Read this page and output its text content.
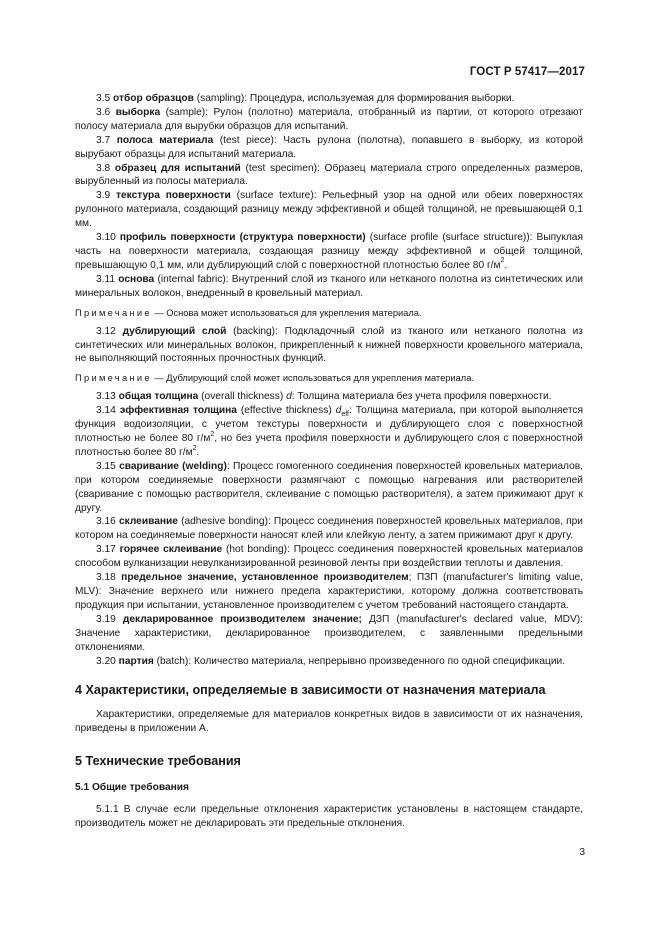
ГОСТ Р 57417—2017

3.5 отбор образцов (sampling): Процедура, используемая для формирования выборки.

3.6 выборка (sample): Рулон (полотно) материала, отобранный из партии, от которого отрезают полосу материала для вырубки образцов для испытаний.

3.7 полоса материала (test piece): Часть рулона (полотна), попавшего в выборку, из которой вырубают образцы для испытаний материала.

3.8 образец для испытаний (test specimen): Образец материала строго определенных размеров, вырубленный из полосы материала.

3.9 текстура поверхности (surface texture): Рельефный узор на одной или обеих поверхностях рулонного материала, создающий разницу между эффективной и общей толщиной, не превышающей 0,1 мм.

3.10 профиль поверхности (структура поверхности) (surface profile (surface structure)): Выпуклая часть на поверхности материала, создающая разницу между эффективной и общей толщиной, превышающую 0,1 мм, или дублирующий слой с поверхностной плотностью более 80 $г/м^2$.

3.11 основа (internal fabric): Внутренний слой из тканого или нетканого полотна из синтетических или минеральных волокон, внедренный в кровельный материал.

Примечание — Основа может использоваться для укрепления материала.

3.12 дублирующий слой (backing): Подкладочный слой из тканого или нетканого полотна из синтетических или минеральных волокон, прикрепленный к нижней поверхности кровельного материала, не выполняющий постоянных прочностных функций.

Примечание — Дублирующий слой может использоваться для укрепления материала.

3.13 общая толщина (overall thickness) d: Толщина материала без учета профиля поверхности.

3.14 эффективная толщина (effective thickness) $d_{eff}$: Толщина материала, при которой выполняется функция водоизоляции, с учетом текстуры поверхности и дублирующего слоя с поверхностной плотностью не более 80 $г/м^2$, но без учета профиля поверхности и дублирующего слоя с поверхностной плотностью более 80 $г/м^2$.

3.15 сваривание (welding): Процесс гомогенного соединения поверхностей кровельных материалов, при котором соединяемые поверхности размягчают с помощью нагревания или растворителей (сваривание с помощью растворителя, склеивание с помощью растворителя), а затем прижимают друг к другу.

3.16 склеивание (adhesive bonding): Процесс соединения поверхностей кровельных материалов, при котором на соединяемые поверхности наносят клей или клейкую ленту, а затем прижимают друг к другу.

3.17 горячее склеивание (hot bonding): Процесс соединения поверхностей кровельных материалов способом вулканизации невулканизированной резиновой ленты при воздействии теплоты и давления.

3.18 предельное значение, установленное производителем; ПЗП (manufacturer's limiting value, MLV): Значение верхнего или нижнего предела характеристики, которому должна соответствовать продукция при испытании, установленное производителем с учетом требований настоящего стандарта.

3.19 декларированное производителем значение; ДЗП (manufacturer's declared value, MDV): Значение характеристики, декларированное производителем, с заявленными предельными отклонениями.

3.20 партия (batch): Количество материала, непрерывно произведенного по одной спецификации.

4 Характеристики, определяемые в зависимости от назначения материала

Характеристики, определяемые для материалов конкретных видов в зависимости от их назначения, приведены в приложении А.

5 Технические требования
5.1 Общие требования

5.1.1 В случае если предельные отклонения характеристик установлены в настоящем стандарте, производитель может не декларировать эти предельные отклонения.

3
